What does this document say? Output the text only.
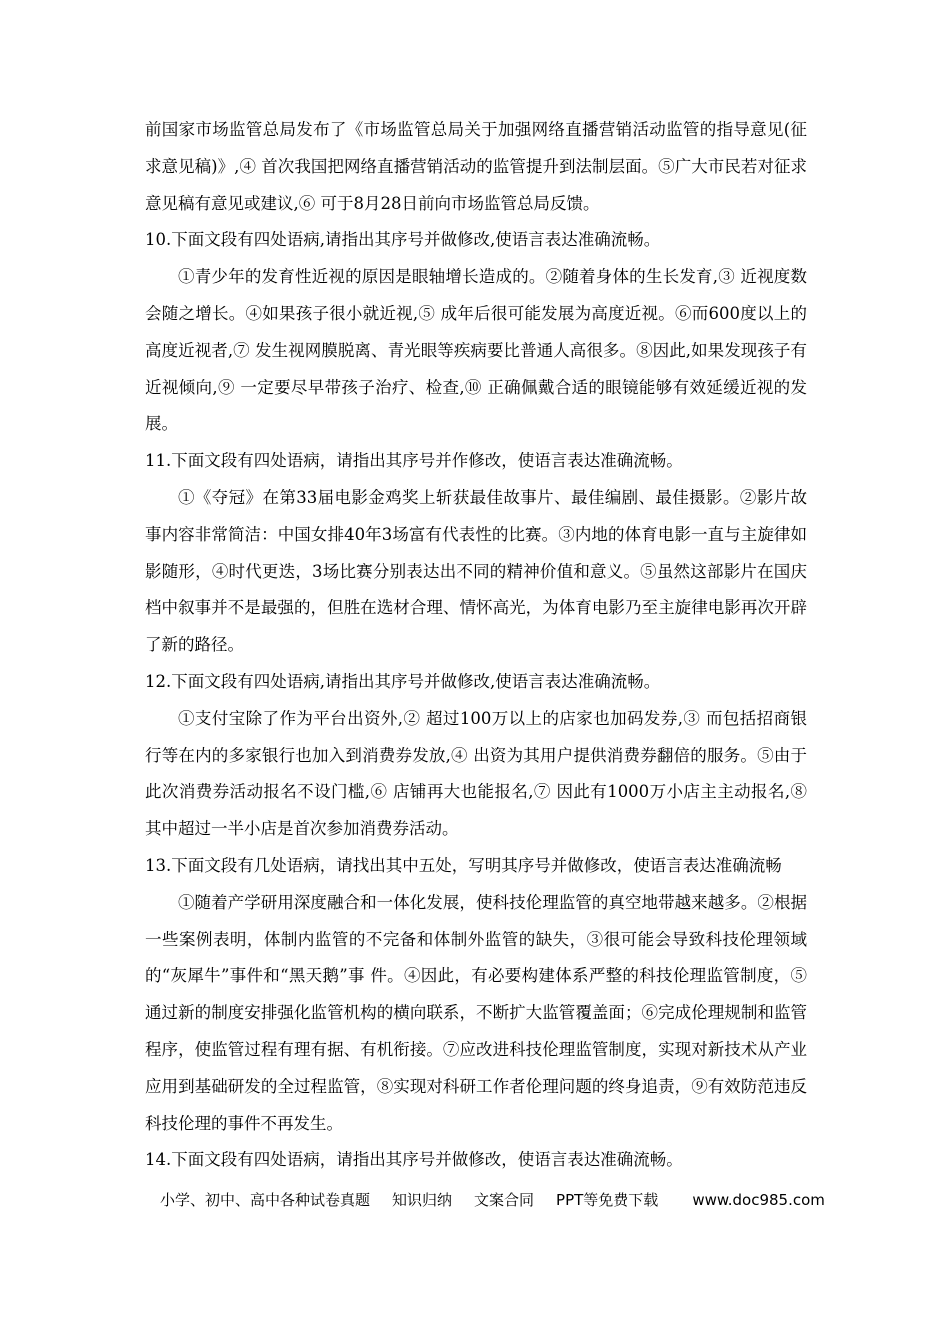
前国家市场监管总局发布了《市场监管总局关于加强网络直播营销活动监管的指导意见(征求意见稿)》,④ 首次我国把网络直播营销活动的监管提升到法制层面。⑤广大市民若对征求意见稿有意见或建议,⑥ 可于8月28日前向市场监管总局反馈。

10.下面文段有四处语病,请指出其序号并做修改,使语言表达准确流畅。

①青少年的发育性近视的原因是眼轴增长造成的。②随着身体的生长发育,③ 近视度数会随之增长。④如果孩子很小就近视,⑤ 成年后很可能发展为高度近视。⑥而600度以上的高度近视者,⑦ 发生视网膜脱离、青光眼等疾病要比普通人高很多。⑧因此,如果发现孩子有近视倾向,⑨ 一定要尽早带孩子治疗、检查,⑩ 正确佩戴合适的眼镜能够有效延缓近视的发展。

11.下面文段有四处语病，请指出其序号并作修改，使语言表达准确流畅。

①《夺冠》在第33届电影金鸡奖上斩获最佳故事片、最佳编剧、最佳摄影。②影片故事内容非常简洁：中国女排40年3场富有代表性的比赛。③内地的体育电影一直与主旋律如影随形，④时代更迭，3场比赛分别表达出不同的精神价值和意义。⑤虽然这部影片在国庆档中叙事并不是最强的，但胜在选材合理、情怀高光，为体育电影乃至主旋律电影再次开辟了新的路径。

12.下面文段有四处语病,请指出其序号并做修改,使语言表达准确流畅。

①支付宝除了作为平台出资外,② 超过100万以上的店家也加码发券,③ 而包括招商银行等在内的多家银行也加入到消费券发放,④ 出资为其用户提供消费券翻倍的服务。⑤由于此次消费券活动报名不设门槛,⑥ 店铺再大也能报名,⑦ 因此有1000万小店主主动报名,⑧ 其中超过一半小店是首次参加消费券活动。

13.下面文段有几处语病，请找出其中五处，写明其序号并做修改，使语言表达准确流畅

①随着产学研用深度融合和一体化发展，使科技伦理监管的真空地带越来越多。②根据一些案例表明，体制内监管的不完备和体制外监管的缺失，③很可能会导致科技伦理领域的“灰犀牛”事件和“黑天鹅”事 件。④因此，有必要构建体系严整的科技伦理监管制度，⑤通过新的制度安排强化监管机构的横向联系，不断扩大监管覆盖面；⑥完成伦理规制和监管程序，使监管过程有理有据、有机衔接。⑦应改进科技伦理监管制度，实现对新技术从产业应用到基础研发的全过程监管，⑧实现对科研工作者伦理问题的终身追责，⑨有效防范违反科技伦理的事件不再发生。

14.下面文段有四处语病，请指出其序号并做修改，使语言表达准确流畅。

小学、初中、高中各种试卷真题 知识归纳 文案合同 PPT等免费下载 www.doc985.com
